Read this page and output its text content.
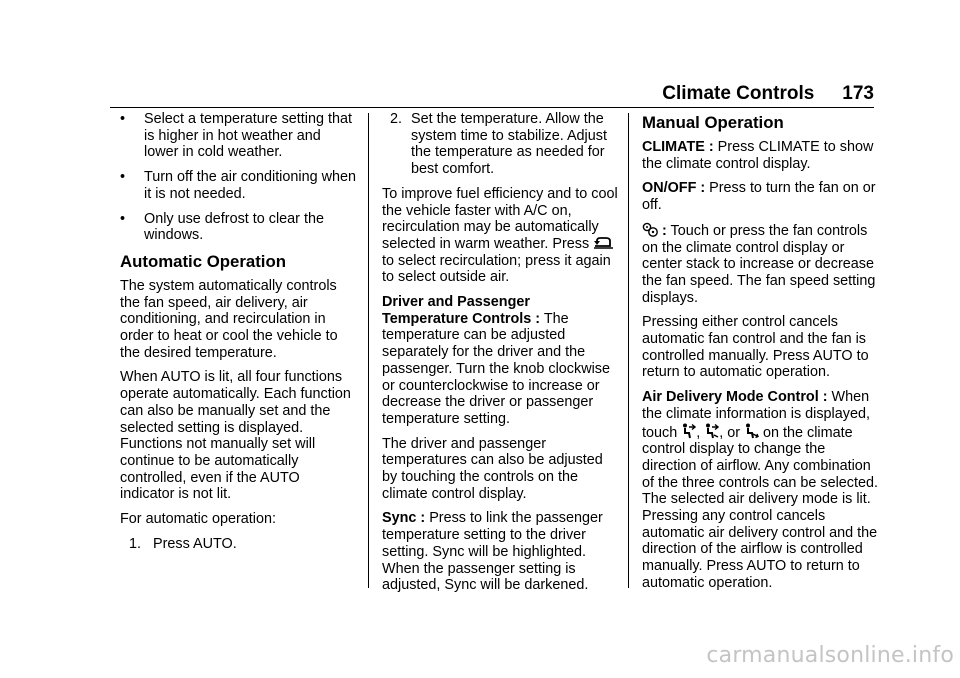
Climate Controls 173
•	Select a temperature setting that is higher in hot weather and lower in cold weather.
•	Turn off the air conditioning when it is not needed.
•	Only use defrost to clear the windows.
Automatic Operation

The system automatically controls the fan speed, air delivery, air conditioning, and recirculation in order to heat or cool the vehicle to the desired temperature.

When AUTO is lit, all four functions operate automatically. Each function can also be manually set and the selected setting is displayed. Functions not manually set will continue to be automatically controlled, even if the AUTO indicator is not lit.

For automatic operation:

1. Press AUTO.
2. Set the temperature. Allow the system time to stabilize. Adjust the temperature as needed for best comfort.

To improve fuel efficiency and to cool the vehicle faster with A/C on, recirculation may be automatically selected in warm weather. Press
to select recirculation; press it again to select outside air.

Driver and Passenger Temperature Controls : The temperature can be adjusted separately for the driver and the passenger. Turn the knob clockwise or counterclockwise to increase or decrease the driver or passenger temperature setting.

The driver and passenger temperatures can also be adjusted by touching the controls on the climate control display.

Sync : Press to link the passenger temperature setting to the driver setting. Sync will be highlighted. When the passenger setting is adjusted, Sync will be darkened.

Manual Operation

CLIMATE : Press CLIMATE to show the climate control display.

ON/OFF : Press to turn the fan on or off.

: Touch or press the fan controls on the climate control display or center stack to increase or decrease the fan speed. The fan speed setting displays.

Pressing either control cancels automatic fan control and the fan is controlled manually. Press AUTO to return to automatic operation.

Air Delivery Mode Control : When the climate information is displayed, touch , , or on the climate control display to change the direction of airflow. Any combination of the three controls can be selected. The selected air delivery mode is lit. Pressing any control cancels automatic air delivery control and the direction of the airflow is controlled manually. Press AUTO to return to automatic operation.

carmanualsonline.info
